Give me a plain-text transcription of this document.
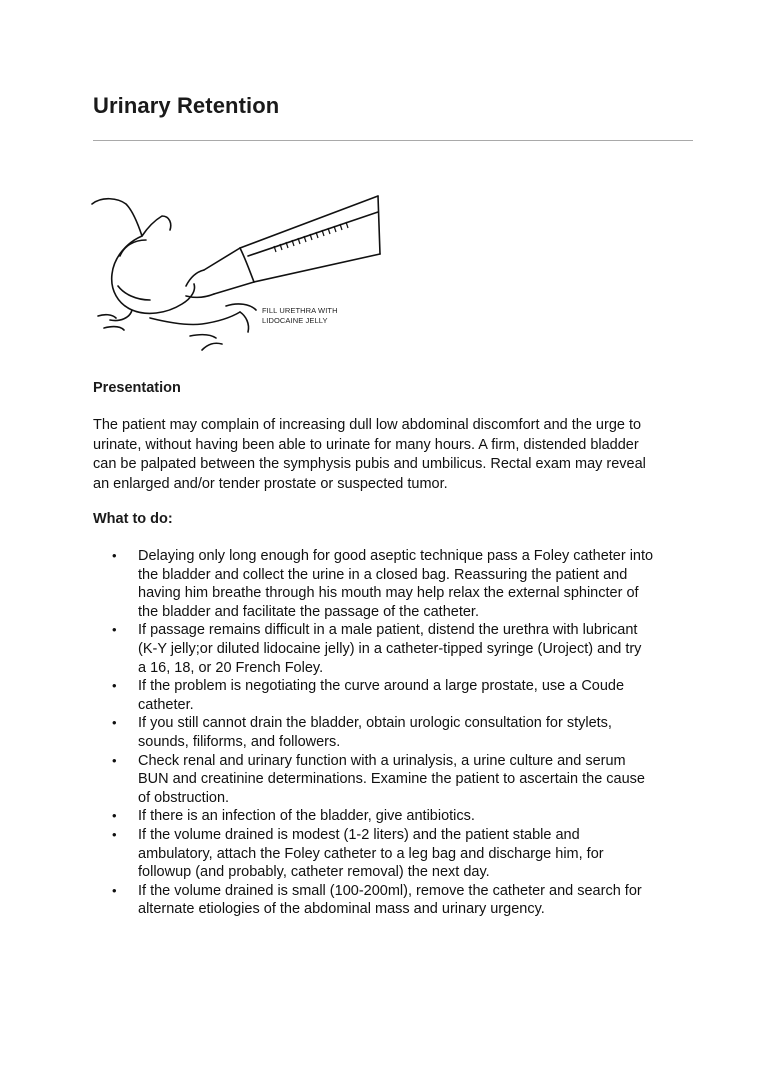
Urinary Retention
FILL URETHRA WITH
LIDOCAINE JELLY
Presentation

The patient may complain of increasing dull low abdominal discomfort and the urge to
urinate, without having been able to urinate for many hours. A firm, distended bladder
can be palpated between the symphysis pubis and umbilicus. Rectal exam may reveal
an enlarged and/or tender prostate or suspected tumor.

What to do:
• Delaying only long enough for good aseptic technique pass a Foley catheter into
the bladder and collect the urine in a closed bag. Reassuring the patient and
having him breathe through his mouth may help relax the external sphincter of
the bladder and facilitate the passage of the catheter.
• If passage remains difficult in a male patient, distend the urethra with lubricant
(K-Y jelly;or diluted lidocaine jelly) in a catheter-tipped syringe (Uroject) and try
a 16, 18, or 20 French Foley.
• If the problem is negotiating the curve around a large prostate, use a Coude
catheter.
• If you still cannot drain the bladder, obtain urologic consultation for stylets,
sounds, filiforms, and followers.
• Check renal and urinary function with a urinalysis, a urine culture and serum
BUN and creatinine determinations. Examine the patient to ascertain the cause
of obstruction.
• If there is an infection of the bladder, give antibiotics.
• If the volume drained is modest (1-2 liters) and the patient stable and
ambulatory, attach the Foley catheter to a leg bag and discharge him, for
followup (and probably, catheter removal) the next day.
• If the volume drained is small (100-200ml), remove the catheter and search for
alternate etiologies of the abdominal mass and urinary urgency.
